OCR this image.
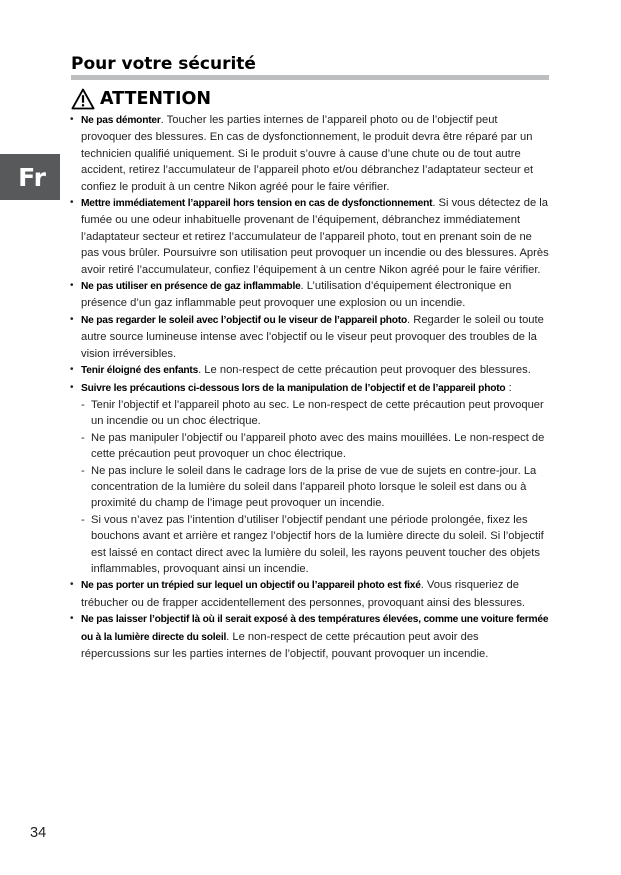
Fr
Pour votre sécurité
ATTENTION
• Ne pas démonter. Toucher les parties internes de l’appareil photo ou de l’objectif peut provoquer des blessures. En cas de dysfonctionnement, le produit devra être réparé par un technicien qualifié uniquement. Si le produit s’ouvre à cause d’une chute ou de tout autre accident, retirez l’accumulateur de l’appareil photo et/ou débranchez l’adaptateur secteur et confiez le produit à un centre Nikon agréé pour le faire vérifier.
• Mettre immédiatement l’appareil hors tension en cas de dysfonctionnement. Si vous détectez de la fumée ou une odeur inhabituelle provenant de l’équipement, débranchez immédiatement l’adaptateur secteur et retirez l’accumulateur de l’appareil photo, tout en prenant soin de ne pas vous brûler. Poursuivre son utilisation peut provoquer un incendie ou des blessures. Après avoir retiré l’accumulateur, confiez l’équipement à un centre Nikon agréé pour le faire vérifier.
• Ne pas utiliser en présence de gaz inflammable. L’utilisation d’équipement électronique en présence d’un gaz inflammable peut provoquer une explosion ou un incendie.
• Ne pas regarder le soleil avec l’objectif ou le viseur de l’appareil photo. Regarder le soleil ou toute autre source lumineuse intense avec l’objectif ou le viseur peut provoquer des troubles de la vision irréversibles.
• Tenir éloigné des enfants. Le non-respect de cette précaution peut provoquer des blessures.
• Suivre les précautions ci-dessous lors de la manipulation de l’objectif et de l’appareil photo :
- Tenir l’objectif et l’appareil photo au sec. Le non-respect de cette précaution peut provoquer un incendie ou un choc électrique.
- Ne pas manipuler l’objectif ou l’appareil photo avec des mains mouillées. Le non-respect de cette précaution peut provoquer un choc électrique.
- Ne pas inclure le soleil dans le cadrage lors de la prise de vue de sujets en contre-jour. La concentration de la lumière du soleil dans l’appareil photo lorsque le soleil est dans ou à proximité du champ de l’image peut provoquer un incendie.
- Si vous n’avez pas l’intention d’utiliser l’objectif pendant une période prolongée, fixez les bouchons avant et arrière et rangez l’objectif hors de la lumière directe du soleil. Si l’objectif est laissé en contact direct avec la lumière du soleil, les rayons peuvent toucher des objets inflammables, provoquant ainsi un incendie.
• Ne pas porter un trépied sur lequel un objectif ou l’appareil photo est fixé. Vous risqueriez de trébucher ou de frapper accidentellement des personnes, provoquant ainsi des blessures.
• Ne pas laisser l’objectif là où il serait exposé à des températures élevées, comme une voiture fermée ou à la lumière directe du soleil. Le non-respect de cette précaution peut avoir des répercussions sur les parties internes de l’objectif, pouvant provoquer un incendie.
34
